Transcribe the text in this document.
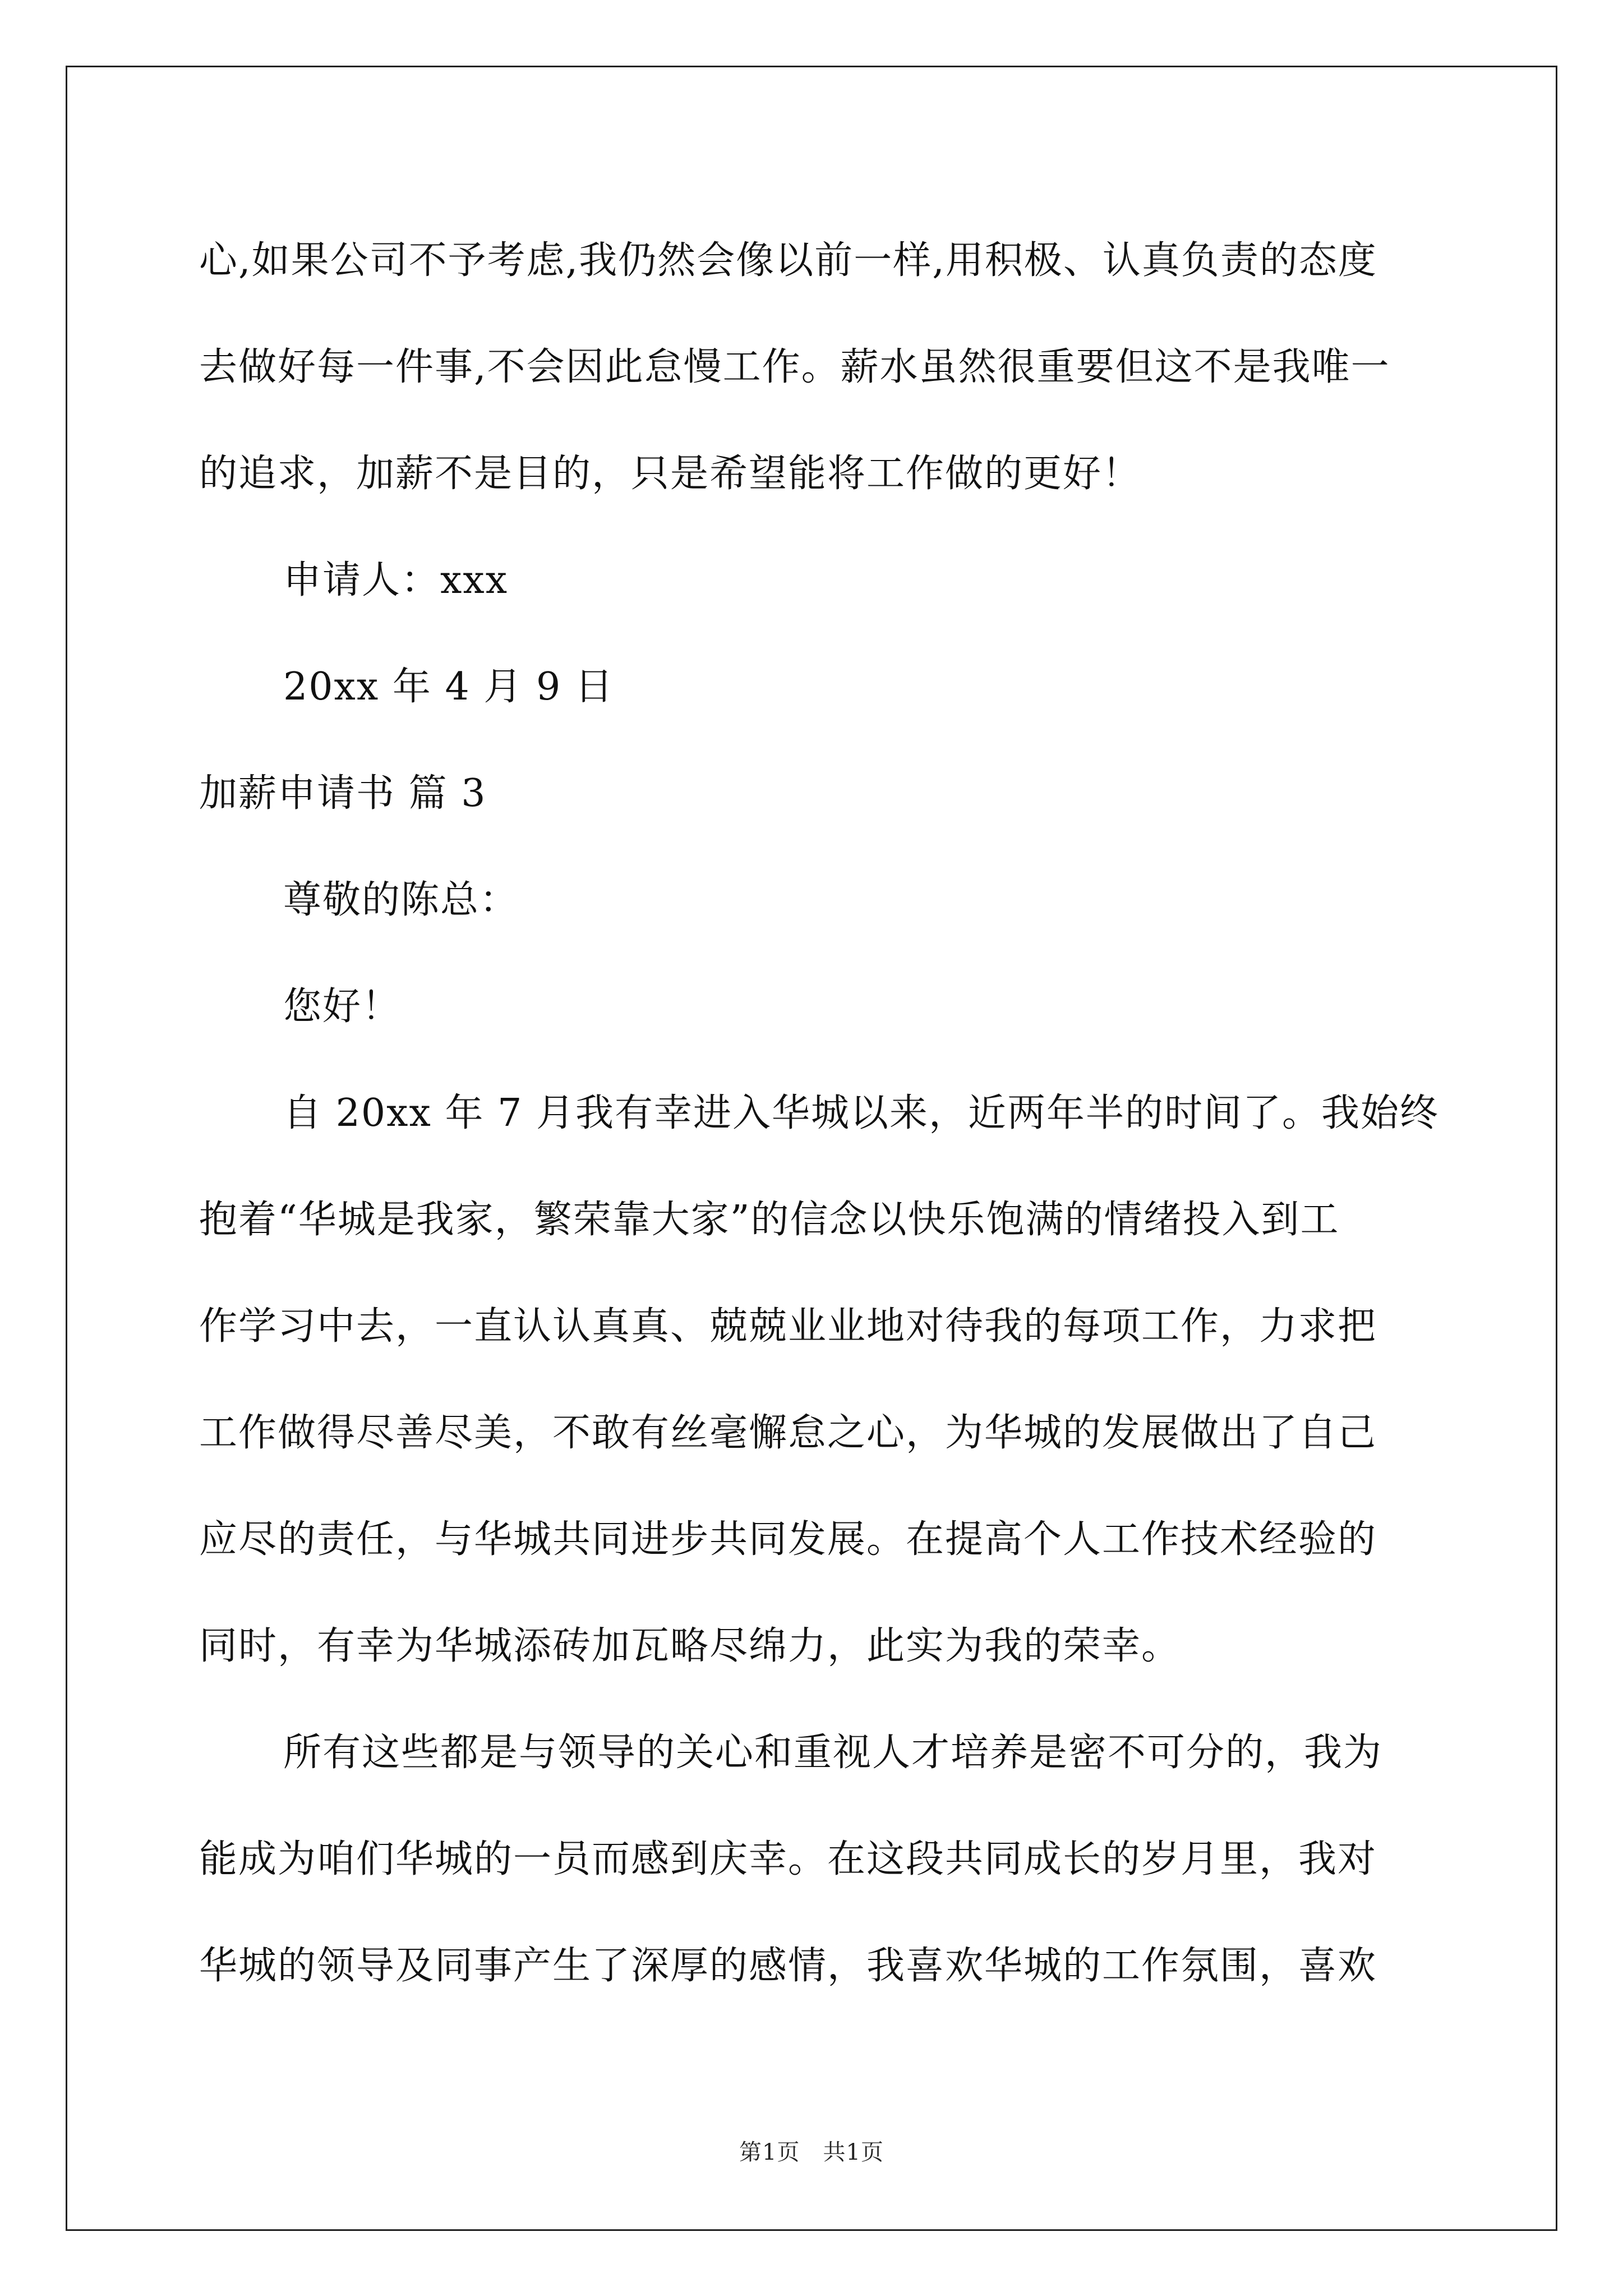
心,如果公司不予考虑,我仍然会像以前一样,用积极、认真负责的态度

去做好每一件事,不会因此怠慢工作。薪水虽然很重要但这不是我唯一

的追求，加薪不是目的，只是希望能将工作做的更好！

申请人：xxx

20xx 年 4 月 9 日

加薪申请书 篇 3

尊敬的陈总：

您好！

自 20xx 年 7 月我有幸进入华城以来，近两年半的时间了。我始终

抱着“华城是我家，繁荣靠大家”的信念以快乐饱满的情绪投入到工

作学习中去，一直认认真真、兢兢业业地对待我的每项工作，力求把

工作做得尽善尽美，不敢有丝毫懈怠之心，为华城的发展做出了自己

应尽的责任，与华城共同进步共同发展。在提高个人工作技术经验的

同时，有幸为华城添砖加瓦略尽绵力，此实为我的荣幸。

所有这些都是与领导的关心和重视人才培养是密不可分的，我为

能成为咱们华城的一员而感到庆幸。在这段共同成长的岁月里，我对

华城的领导及同事产生了深厚的感情，我喜欢华城的工作氛围，喜欢

第1页　共1页
